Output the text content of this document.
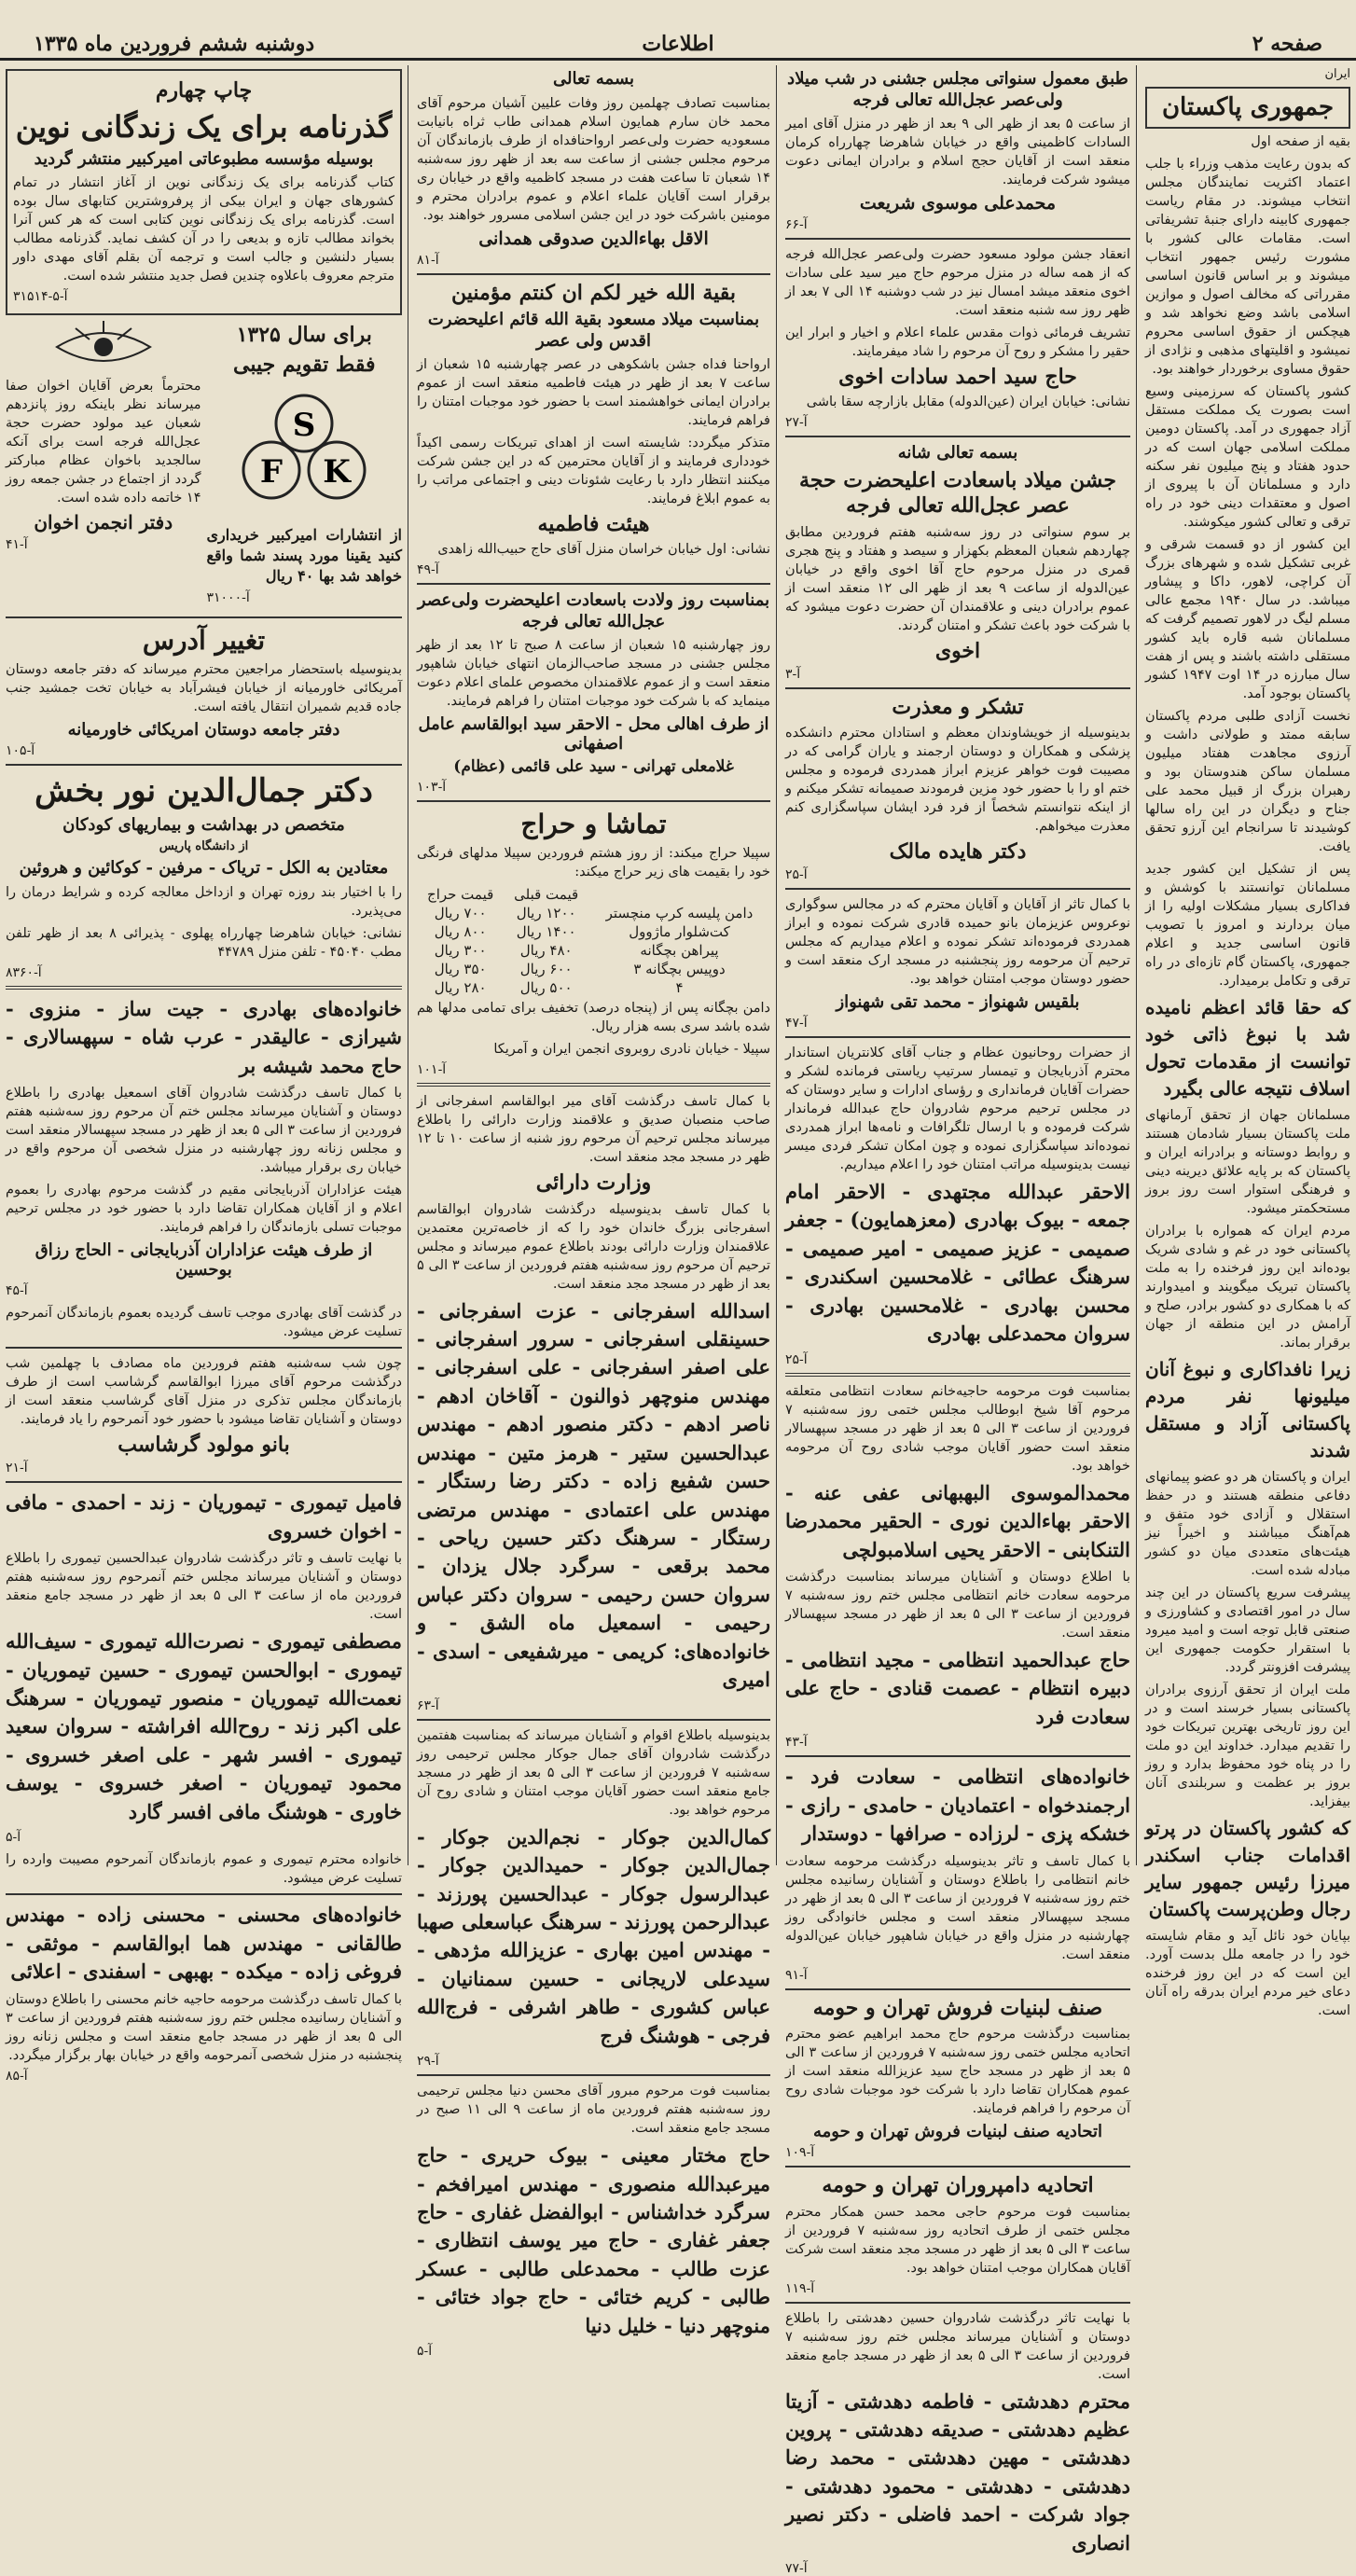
صفحه ۲
اطلاعات
دوشنبه ششم فروردین ماه ۱۳۳۵
ایران
جمهوری پاکستان

بقیه از صفحه اول

که بدون رعایت مذهب وزراء با جلب اعتماد اکثریت نمایندگان مجلس انتخاب میشوند. در مقام ریاست جمهوری کابینه دارای جنبهٔ تشریفاتی است. مقامات عالی کشور با مشورت رئیس جمهور انتخاب میشوند و بر اساس قانون اساسی مقرراتی که مخالف اصول و موازین اسلامی باشد وضع نخواهد شد و هیچکس از حقوق اساسی محروم نمیشود و اقلیتهای مذهبی و نژادی از حقوق مساوی برخوردار خواهند بود.

کشور پاکستان که سرزمینی وسیع است بصورت یک مملکت مستقل آزاد جمهوری در آمد. پاکستان دومین مملکت اسلامی جهان است که در حدود هفتاد و پنج میلیون نفر سکنه دارد و مسلمانان آن با پیروی از اصول و معتقدات دینی خود در راه ترقی و تعالی کشور میکوشند.

این کشور از دو قسمت شرقی و غربی تشکیل شده و شهرهای بزرگ آن کراچی، لاهور، داکا و پیشاور میباشد. در سال ۱۹۴۰ مجمع عالی مسلم لیگ در لاهور تصمیم گرفت که مسلمانان شبه قاره باید کشور مستقلی داشته باشند و پس از هفت سال مبارزه در ۱۴ اوت ۱۹۴۷ کشور پاکستان بوجود آمد.

نخست آزادی طلبی مردم پاکستان سابقه ممتد و طولانی داشت و آرزوی مجاهدت هفتاد میلیون مسلمان ساکن هندوستان بود و رهبران بزرگ از قبیل محمد علی جناح و دیگران در این راه سالها کوشیدند تا سرانجام این آرزو تحقق یافت.

پس از تشکیل این کشور جدید مسلمانان توانستند با کوشش و فداکاری بسیار مشکلات اولیه را از میان بردارند و امروز با تصویب قانون اساسی جدید و اعلام جمهوری، پاکستان گام تازه‌ای در راه ترقی و تکامل برمیدارد.

که حقا قائد اعظم نامیده شد با نبوغ ذاتی خود توانست از مقدمات تحول اسلاف نتیجه عالی بگیرد

مسلمانان جهان از تحقق آرمانهای ملت پاکستان بسیار شادمان هستند و روابط دوستانه و برادرانه ایران و پاکستان که بر پایه علائق دیرینه دینی و فرهنگی استوار است روز بروز مستحکمتر میشود.

مردم ایران که همواره با برادران پاکستانی خود در غم و شادی شریک بوده‌اند این روز فرخنده را به ملت پاکستان تبریک میگویند و امیدوارند که با همکاری دو کشور برادر، صلح و آرامش در این منطقه از جهان برقرار بماند.

زیرا نافداکاری و نبوغ آنان میلیونها نفر مردم پاکستانی آزاد و مستقل شدند

ایران و پاکستان هر دو عضو پیمانهای دفاعی منطقه هستند و در حفظ استقلال و آزادی خود متفق و هم‌آهنگ میباشند و اخیراً نیز هیئت‌های متعددی میان دو کشور مبادله شده است.

پیشرفت سریع پاکستان در این چند سال در امور اقتصادی و کشاورزی و صنعتی قابل توجه است و امید میرود با استقرار حکومت جمهوری این پیشرفت افزونتر گردد.

ملت ایران از تحقق آرزوی برادران پاکستانی بسیار خرسند است و در این روز تاریخی بهترین تبریکات خود را تقدیم میدارد. خداوند این دو ملت را در پناه خود محفوظ بدارد و روز بروز بر عظمت و سربلندی آنان بیفزاید.

که کشور پاکستان در پرتو اقدامات جناب اسکندر میرزا رئیس جمهور سایر رجال وطن‌پرست پاکستان

بپایان خود نائل آید و مقام شایسته خود را در جامعه ملل بدست آورد. این است که در این روز فرخنده دعای خیر مردم ایران بدرقه راه آنان است.

طبق معمول سنواتی مجلس جشنی در شب میلاد ولی‌عصر عجل‌الله تعالی فرجه

از ساعت ۵ بعد از ظهر الی ۹ بعد از ظهر در منزل آقای امیر السادات کاظمینی واقع در خیابان شاهرضا چهارراه کرمان منعقد است از آقایان حجج اسلام و برادران ایمانی دعوت میشود شرکت فرمایند.

محمدعلی موسوی شریعت
آ-۶۶

انعقاد جشن مولود مسعود حضرت ولی‌عصر عجل‌الله فرجه که از همه ساله در منزل مرحوم حاج میر سید علی سادات اخوی منعقد میشد امسال نیز در شب دوشنبه ۱۴ الی ۷ بعد از ظهر روز سه شنبه منعقد است.

تشریف فرمائی ذوات مقدس علماء اعلام و اخیار و ابرار این حقیر را مشکر و روح آن مرحوم را شاد میفرمایند.

حاج سید احمد سادات اخوی

نشانی: خیابان ایران (عین‌الدوله) مقابل بازارچه سقا باشی

آ-۲۷
بسمه تعالی شانه
جشن میلاد باسعادت اعلیحضرت حجة عصر عجل‌الله تعالی فرجه

بر سوم سنواتی در روز سه‌شنبه هفتم فروردین مطابق چهاردهم شعبان المعظم بکهزار و سیصد و هفتاد و پنج هجری قمری در منزل مرحوم حاج آقا اخوی واقع در خیابان عین‌الدوله از ساعت ۹ بعد از ظهر الی ۱۲ منعقد است از عموم برادران دینی و علاقمندان آن حضرت دعوت میشود که با شرکت خود باعث تشکر و امتنان گردند.

اخوی
آ-۳
تشکر و معذرت

بدینوسیله از خویشاوندان معظم و استادان محترم دانشکده پزشکی و همکاران و دوستان ارجمند و یاران گرامی که در مصیبت فوت خواهر عزیزم ابراز همدردی فرموده و مجلس ختم او را با حضور خود مزین فرمودند صمیمانه تشکر میکنم و از اینکه نتوانستم شخصاً از فرد فرد ایشان سپاسگزاری کنم معذرت میخواهم.

دکتر هایده مالک
آ-۲۵

با کمال تاثر از آقایان و آقایان محترم که در مجالس سوگواری نوعروس عزیزمان بانو حمیده قادری شرکت نموده و ابراز همدردی فرموده‌اند تشکر نموده و اعلام میداریم که مجلس ترحیم آن مرحومه روز پنجشنبه در مسجد ارک منعقد است و حضور دوستان موجب امتنان خواهد بود.

بلقیس شهنواز - محمد تقی شهنواز
آ-۴۷

از حضرات روحانیون عظام و جناب آقای کلانتریان استاندار محترم آذربایجان و تیمسار سرتیپ ریاستی فرمانده لشکر و حضرات آقایان فرمانداری و رؤسای ادارات و سایر دوستان که در مجلس ترحیم مرحوم شادروان حاج عبدالله فرماندار شرکت فرموده و با ارسال تلگرافات و نامه‌ها ابراز همدردی نموده‌اند سپاسگزاری نموده و چون امکان تشکر فردی میسر نیست بدینوسیله مراتب امتنان خود را اعلام میداریم.

الاحقر عبدالله مجتهدی - الاحقر امام جمعه - بیوک بهادری (معزهمایون) - جعفر صمیمی - عزیز صمیمی - امیر صمیمی - سرهنگ عطائی - غلامحسین اسکندری - محسن بهادری - غلامحسین بهادری - سروان محمدعلی بهادری
آ-۲۵

بمناسبت فوت مرحومه حاجیه‌خانم سعادت انتظامی متعلقه مرحوم آقا شیخ ابوطالب مجلس ختمی روز سه‌شنبه ۷ فروردین از ساعت ۳ الی ۵ بعد از ظهر در مسجد سپهسالار منعقد است حضور آقایان موجب شادی روح آن مرحومه خواهد بود.

محمدالموسوی البهبهانی عفی عنه - الاحقر بهاءالدین نوری - الحقیر محمدرضا التنکابنی - الاحقر یحیی اسلامبولچی

با اطلاع دوستان و آشنایان میرساند بمناسبت درگذشت مرحومه سعادت خانم انتظامی مجلس ختم روز سه‌شنبه ۷ فروردین از ساعت ۳ الی ۵ بعد از ظهر در مسجد سپهسالار منعقد است.

حاج عبدالحمید انتظامی - مجید انتظامی - دبیره انتظام - عصمت قنادی - حاج علی سعادت فرد
آ-۴۳
خانواده‌های انتظامی - سعادت فرد - ارجمندخواه - اعتمادیان - حامدی - رازی - خشکه پزی - لرزاده - صرافها - دوستدار

با کمال تاسف و تاثر بدینوسیله درگذشت مرحومه سعادت خانم انتظامی را باطلاع دوستان و آشنایان رسانیده مجلس ختم روز سه‌شنبه ۷ فروردین از ساعت ۳ الی ۵ بعد از ظهر در مسجد سپهسالار منعقد است و مجلس خانوادگی روز چهارشنبه در منزل واقع در خیابان شاهپور خیابان عین‌الدوله منعقد است.

آ-۹۱
صنف لبنیات فروش تهران و حومه

بمناسبت درگذشت مرحوم حاج محمد ابراهیم عضو محترم اتحادیه مجلس ختمی روز سه‌شنبه ۷ فروردین از ساعت ۳ الی ۵ بعد از ظهر در مسجد حاج سید عزیزالله منعقد است از عموم همکاران تقاضا دارد با شرکت خود موجبات شادی روح آن مرحوم را فراهم فرمایند.

اتحادیه صنف لبنیات فروش تهران و حومه
آ-۱۰۹
اتحادیه دامپروران تهران و حومه

بمناسبت فوت مرحوم حاجی محمد حسن همکار محترم مجلس ختمی از طرف اتحادیه روز سه‌شنبه ۷ فروردین از ساعت ۳ الی ۵ بعد از ظهر در مسجد مجد منعقد است شرکت آقایان همکاران موجب امتنان خواهد بود.

آ-۱۱۹

با نهایت تاثر درگذشت شادروان حسین دهدشتی را باطلاع دوستان و آشنایان میرساند مجلس ختم روز سه‌شنبه ۷ فروردین از ساعت ۳ الی ۵ بعد از ظهر در مسجد جامع منعقد است.

محترم دهدشتی - فاطمه دهدشتی - آزیتا عظیم دهدشتی - صدیقه دهدشتی - پروین دهدشتی - مهین دهدشتی - محمد رضا دهدشتی - دهدشتی - محمود دهدشتی - جواد شرکت - احمد فاضلی - دکتر نصیر انصاری
آ-۷۷
بسمه تعالی

بمناسبت تصادف چهلمین روز وفات علیین آشیان مرحوم آقای محمد خان سارم همایون اسلام همدانی طاب ثراه بانیابت مسعودیه حضرت ولی‌عصر ارواحنافداه از طرف بازماندگان آن مرحوم مجلس جشنی از ساعت سه بعد از ظهر روز سه‌شنبه ۱۴ شعبان تا ساعت هفت در مسجد کاظمیه واقع در خیابان ری برقرار است آقایان علماء اعلام و عموم برادران محترم و مومنین باشرکت خود در این جشن اسلامی مسرور خواهند بود.

الاقل بهاء‌الدین صدوقی همدانی
آ-۸۱
بقیة الله خیر لکم ان کنتم مؤمنین
بمناسبت میلاد مسعود بقیة الله قائم اعلیحضرت اقدس ولی عصر

ارواحنا فداه جشن باشکوهی در عصر چهارشنبه ۱۵ شعبان از ساعت ۷ بعد از ظهر در هیئت فاطمیه منعقد است از عموم برادران ایمانی خواهشمند است با حضور خود موجبات امتنان را فراهم فرمایند.

متذکر میگردد: شایسته است از اهدای تبریکات رسمی اکیداً خودداری فرمایند و از آقایان محترمین که در این جشن شرکت میکنند انتظار دارد با رعایت شئونات دینی و اجتماعی مراتب را به عموم ابلاغ فرمایند.

هیئت فاطمیه

نشانی: اول خیابان خراسان منزل آقای حاج حبیب‌الله زاهدی

آ-۴۹
بمناسبت روز ولادت باسعادت اعلیحضرت ولی‌عصر عجل‌الله تعالی فرجه

روز چهارشنبه ۱۵ شعبان از ساعت ۸ صبح تا ۱۲ بعد از ظهر مجلس جشنی در مسجد صاحب‌الزمان انتهای خیابان شاهپور منعقد است و از عموم علاقمندان مخصوص علمای اعلام دعوت مینماید که با شرکت خود موجبات امتنان را فراهم فرمایند.

از طرف اهالی محل - الاحقر سید ابوالقاسم عامل اصفهانی
غلامعلی تهرانی - سید علی قائمی (عظام)
آ-۱۰۳
تماشا و حراج

سپیلا حراج میکند: از روز هشتم فروردین سپیلا مدلهای فرنگی خود را بقیمت های زیر حراج میکند:

	قیمت قبلی	قیمت حراج
دامن پلیسه کرپ منچستر	۱۲۰۰ ریال	۷۰۰ ریال
کت‌شلوار ماژوول	۱۴۰۰ ریال	۸۰۰ ریال
پیراهن بچگانه	۴۸۰ ریال	۳۰۰ ریال
دوپیس بچگانه ۳	۶۰۰ ریال	۳۵۰ ریال
۴	۵۰۰ ریال	۲۸۰ ریال

دامن بچگانه پس از (پنجاه درصد) تخفیف برای تمامی مدلها هم شده باشد سری بسه هزار ریال.

سپیلا - خیابان نادری روبروی انجمن ایران و آمریکا

آ-۱۰۱

با کمال تاسف درگذشت آقای میر ابوالقاسم اسفرجانی از صاحب منصبان صدیق و علاقمند وزارت دارائی را باطلاع میرساند مجلس ترحیم آن مرحوم روز شنبه از ساعت ۱۰ تا ۱۲ ظهر در مسجد مجد منعقد است.

وزارت دارائی

با کمال تاسف بدینوسیله درگذشت شادروان ابوالقاسم اسفرجانی بزرگ خاندان خود را که از خاصه‌ترین معتمدین علاقمندان وزارت دارائی بودند باطلاع عموم میرساند و مجلس ترحیم آن مرحوم روز سه‌شنبه هفتم فروردین از ساعت ۳ الی ۵ بعد از ظهر در مسجد مجد منعقد است.

اسدالله اسفرجانی - عزت اسفرجانی - حسینقلی اسفرجانی - سرور اسفرجانی - علی اصفر اسفرجانی - علی اسفرجانی - مهندس منوچهر ذوالنون - آقاخان ادهم - ناصر ادهم - دکتر منصور ادهم - مهندس عبدالحسین ستیر - هرمز متین - مهندس حسن شفیع زاده - دکتر رضا رستگار - مهندس علی اعتمادی - مهندس مرتضی رستگار - سرهنگ دکتر حسین ریاحی - محمد برقعی - سرگرد جلال یزدان - سروان حسن رحیمی - سروان دکتر عباس رحیمی - اسمعیل ماه الشق - و خانواده‌های: کریمی - میرشفیعی - اسدی - امیری
آ-۶۳

بدینوسیله باطلاع اقوام و آشنایان میرساند که بمناسبت هفتمین درگذشت شادروان آقای جمال جوکار مجلس ترحیمی روز سه‌شنبه ۷ فروردین از ساعت ۳ الی ۵ بعد از ظهر در مسجد جامع منعقد است حضور آقایان موجب امتنان و شادی روح آن مرحوم خواهد بود.

کمال‌الدین جوکار - نجم‌الدین جوکار - جمال‌الدین جوکار - حمیدالدین جوکار - عبدالرسول جوکار - عبدالحسین پورزند - عبدالرحمن پورزند - سرهنگ عباسعلی صهبا - مهندس امین بهاری - عزیزالله مژدهی - سیدعلی لاریجانی - حسین سمنانیان - عباس کشوری - طاهر اشرفی - فرج‌الله فرجی - هوشنگ فرج
آ-۲۹

بمناسبت فوت مرحوم مبرور آقای محسن دنیا مجلس ترحیمی روز سه‌شنبه هفتم فروردین ماه از ساعت ۹ الی ۱۱ صبح در مسجد جامع منعقد است.

حاج مختار معینی - بیوک حریری - حاج میرعبدالله منصوری - مهندس امیرافخم - سرگرد خداشناس - ابوالفضل غفاری - حاج جعفر غفاری - حاج میر یوسف انتظاری - عزت طالب - محمدعلی طالبی - عسکر طالبی - کریم ختائی - حاج جواد ختائی - منوچهر دنیا - خلیل دنیا
آ-۵
چاپ چهارم
گذرنامه برای یک زندگانی نوین
بوسیله مؤسسه مطبوعاتی امیرکبیر منتشر گردید

کتاب گذرنامه برای یک زندگانی نوین از آغاز انتشار در تمام کشورهای جهان و ایران بیکی از پرفروشترین کتابهای سال بوده است. گذرنامه برای یک زندگانی نوین کتابی است که هر کس آنرا بخواند مطالب تازه و بدیعی را در آن کشف نماید. گذرنامه مطالب بسیار دلنشین و جالب است و ترجمه آن بقلم آقای مهدی داور مترجم معروف باعلاوه چندین فصل جدید منتشر شده است.

آ-۵-۳۱۵۱۴
برای سال ۱۳۲۵
فقط تقویم جیبی
K
S
F

از انتشارات امیرکبیر خریداری کنید یقینا مورد پسند شما واقع خواهد شد بها ۴۰ ریال

آ-۳۱۰۰۰

محترماً بعرض آقایان اخوان صفا میرساند نظر باینکه روز پانزدهم شعبان عید مولود حضرت حجة عجل‌الله فرجه است برای آنکه سالجدید باخوان عظام مبارکتر گردد از اجتماع در جشن جمعه روز ۱۴ خاتمه داده شده است.

دفتر انجمن اخوان
آ-۴۱
تغییر آدرس

بدینوسیله باستحضار مراجعین محترم میرساند که دفتر جامعه دوستان آمریکائی خاورمیانه از خیابان فیشرآباد به خیابان تخت جمشید جنب جاده قدیم شمیران انتقال یافته است.

دفتر جامعه دوستان امریکائی خاورمیانه
آ-۱۰۵
دکتر جمال‌الدین نور بخش
متخصص در بهداشت و بیماریهای کودکان
از دانشگاه پاریس
معتادین به الکل - تریاک - مرفین - کوکائین و هروئین

را با اختیار بند روزه تهران و ازداخل معالجه کرده و شرایط درمان را می‌پذیرد.

نشانی: خیابان شاهرضا چهارراه پهلوی - پذیرائی ۸ بعد از ظهر تلفن مطب ۴۵۰۴۰ - تلفن منزل ۴۴۷۸۹

آ-۸۳۶۰
خانواده‌های بهادری - جیت ساز - منزوی - شیرازی - عالیقدر - عرب شاه - سپهسالاری - حاج محمد شیشه بر

با کمال تاسف درگذشت شادروان آقای اسمعیل بهادری را باطلاع دوستان و آشنایان میرساند مجلس ختم آن مرحوم روز سه‌شنبه هفتم فروردین از ساعت ۳ الی ۵ بعد از ظهر در مسجد سپهسالار منعقد است و مجلس زنانه روز چهارشنبه در منزل شخصی آن مرحوم واقع در خیابان ری برقرار میباشد.

هیئت عزاداران آذربایجانی مقیم در گذشت مرحوم بهادری را بعموم اعلام و از آقایان همکاران تقاضا دارد با حضور خود در مجلس ترحیم موجبات تسلی بازماندگان را فراهم فرمایند.

از طرف هیئت عزاداران آذربایجانی - الحاج رزاق بوحسین
آ-۴۵

در گذشت آقای بهادری موجب تاسف گردیده بعموم بازماندگان آنمرحوم تسلیت عرض میشود.

چون شب سه‌شنبه هفتم فروردین ماه مصادف با چهلمین شب درگذشت مرحوم آقای میرزا ابوالقاسم گرشاسب است از طرف بازماندگان مجلس تذکری در منزل آقای گرشاسب منعقد است از دوستان و آشنایان تقاضا میشود با حضور خود آنمرحوم را یاد فرمایند.

بانو مولود گرشاسب
آ-۲۱
فامیل تیموری - تیموریان - زند - احمدی - مافی - اخوان خسروی

با نهایت تاسف و تاثر درگذشت شادروان عبدالحسین تیموری را باطلاع دوستان و آشنایان میرساند مجلس ختم آنمرحوم روز سه‌شنبه هفتم فروردین ماه از ساعت ۳ الی ۵ بعد از ظهر در مسجد جامع منعقد است.

مصطفی تیموری - نصرت‌الله تیموری - سیف‌الله تیموری - ابوالحسن تیموری - حسین تیموریان - نعمت‌الله تیموریان - منصور تیموریان - سرهنگ علی اکبر زند - روح‌الله افراشته - سروان سعید تیموری - افسر شهر - علی اصغر خسروی - محمود تیموریان - اصغر خسروی - یوسف خاوری - هوشنگ مافی افسر گارد
آ-۵

خانواده محترم تیموری و عموم بازماندگان آنمرحوم مصیبت وارده را تسلیت عرض میشود.

خانواده‌های محسنی - محسنی زاده - مهندس طالقانی - مهندس هما ابوالقاسم - موثقی - فروغی زاده - میکده - بهبهی - اسفندی - اعلائی

با کمال تاسف درگذشت مرحومه حاجیه خانم محسنی را باطلاع دوستان و آشنایان رسانیده مجلس ختم روز سه‌شنبه هفتم فروردین از ساعت ۳ الی ۵ بعد از ظهر در مسجد جامع منعقد است و مجلس زنانه روز پنجشنبه در منزل شخصی آنمرحومه واقع در خیابان بهار برگزار میگردد.

آ-۸۵
